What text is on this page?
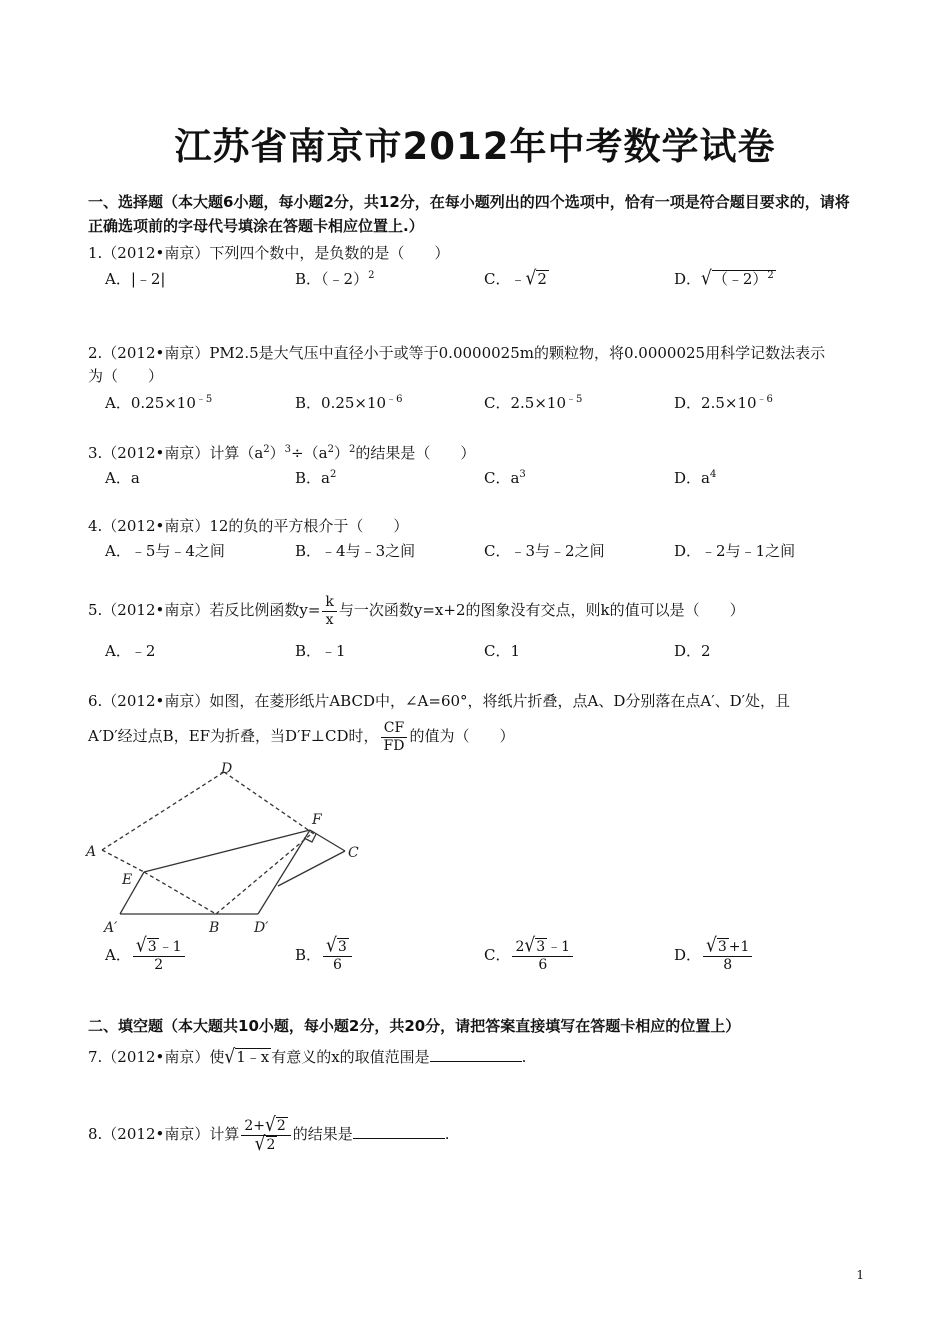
江苏省南京市2012年中考数学试卷
一、选择题（本大题6小题，每小题2分，共12分，在每小题列出的四个选项中，恰有一项是符合题目要求的，请将正确选项前的字母代号填涂在答题卡相应位置上.）
1.（2012•南京）下列四个数中，是负数的是（　　）
A．|﹣2|	B．（﹣2）$^2$	C．﹣√2	D．√（﹣2）$^2$
2.（2012•南京）PM2.5是大气压中直径小于或等于0.0000025m的颗粒物，将0.0000025用科学记数法表示
为（　　）
A．$0.25\times 10^{﹣5}$	B．$0.25\times 10^{﹣6}$	C．$2.5\times 10^{﹣5}$	D．$2.5\times 10^{﹣6}$
3.（2012•南京）计算$(a^2)^3\div(a^2)^2$的结果是（　　）
A．a	B．$a^2$	C．$a^3$	D．$a^4$
4.（2012•南京）12的负的平方根介于（　　）
A．﹣5与﹣4之间	B．﹣4与﹣3之间	C．﹣3与﹣2之间	D．﹣2与﹣1之间
5.（2012•南京）若反比例函数$y= \frac{k}{x}$ 与一次函数y=x+2的图象没有交点，则k的值可以是（　　）
A．﹣2	B．﹣1	C．1	D．2
6.（2012•南京）如图，在菱形纸片ABCD中，∠A=60°，将纸片折叠，点A、D分别落在点A′、D′处，且
A′D′经过点B，EF为折叠，当D′F⊥CD时， $\frac{CF}{FD}$ 的值为（　　）
D
F
C
A
E
A′	B D′
A． $\frac{√3 ﹣1}{2}$	B． $\frac{√3}{6}$	C． $\frac{2√3 ﹣1}{6}$	D． $\frac{√3 +1}{8}$
二、填空题（本大题共10小题，每小题2分，共20分，请把答案直接填写在答题卡相应的位置上）
7.（2012•南京）使√1﹣x 有意义的x的取值范围是	.
8.（2012•南京）计算 $\frac{2+√2}{√2}$ 的结果是	.
1
